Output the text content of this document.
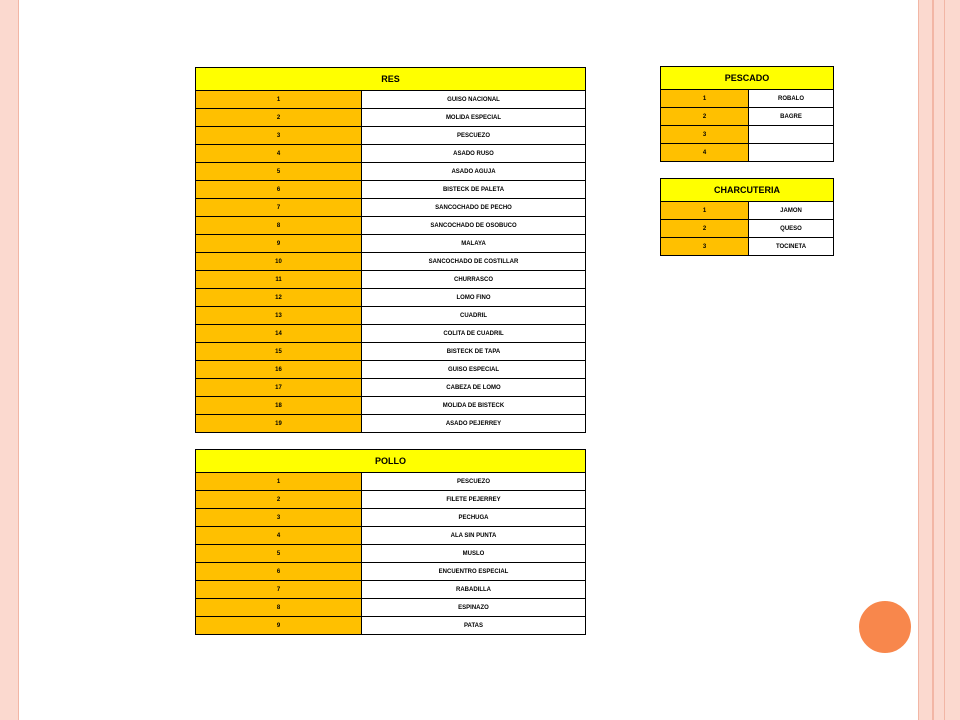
RES	
1	GUISO NACIONAL
2	MOLIDA ESPECIAL
3	PESCUEZO
4	ASADO RUSO
5	ASADO AGUJA
6	BISTECK DE PALETA
7	SANCOCHADO DE PECHO
8	SANCOCHADO DE OSOBUCO
9	MALAYA
10	SANCOCHADO DE COSTILLAR
11	CHURRASCO
12	LOMO FINO
13	CUADRIL
14	COLITA DE CUADRIL
15	BISTECK DE TAPA
16	GUISO ESPECIAL
17	CABEZA DE LOMO
18	MOLIDA DE BISTECK
19	ASADO PEJERREY
POLLO	
1	PESCUEZO
2	FILETE PEJERREY
3	PECHUGA
4	ALA SIN PUNTA
5	MUSLO
6	ENCUENTRO ESPECIAL
7	RABADILLA
8	ESPINAZO
9	PATAS
PESCADO	
1	ROBALO
2	BAGRE
3	
4	
CHARCUTERIA	
1	JAMON
2	QUESO
3	TOCINETA
